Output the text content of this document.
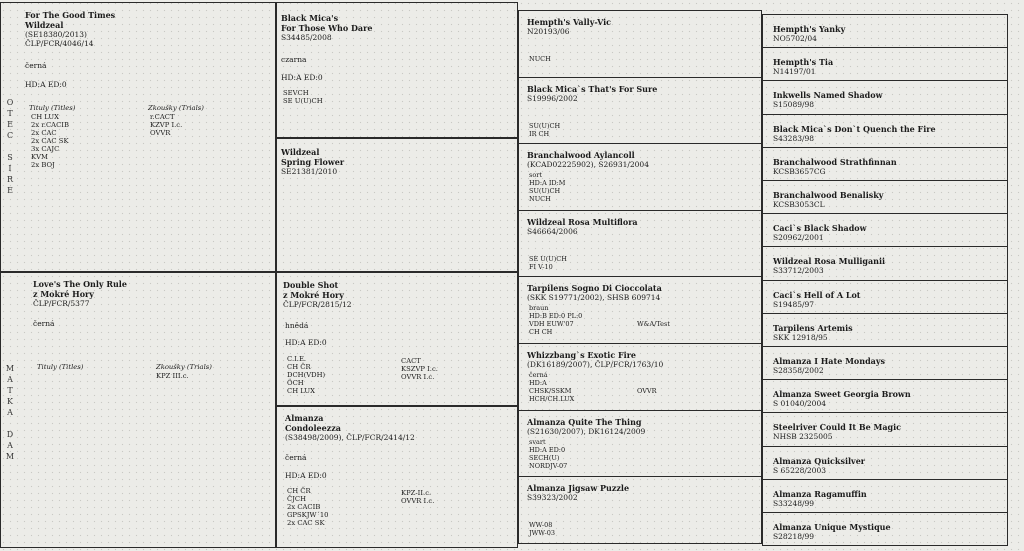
O
T
E
C

S
I
R
E
For The Good Times
Wildzeal
(SE18380/2013)
ČLP/FCR/4046/14
černá
HD:A ED:0
Tituly (Titles)
CH LUX
2x r.CACIB
2x CAC
2x CAC SK
3x CAJC
KVM
2x BOJ
Zkoušky (Trials)
r.CACT
KZVP I.c.
OVVR
M
A
T
K
A

D
A
M
Love's The Only Rule
z Mokré Hory
ČLP/FCR/5377
černá
Tituly (Titles)	Zkoušky (Trials)
KPZ III.c.
Black Mica's
For Those Who Dare
S34485/2008
czarna
HD:A ED:0
SEVCH
SE U(U)CH
Wildzeal
Spring Flower
SE21381/2010
Double Shot
z Mokré Hory
ČLP/FCR/2815/12
hnědá
HD:A ED:0
C.I.E.
CH ČR
DCH(VDH)
ÖCH
CH LUX
CACT
KSZVP I.c.
OVVR I.c.
Almanza
Condoleezza
(S38498/2009), ČLP/FCR/2414/12
černá
HD:A ED:0
CH ČR
ČJCH
2x CACIB
GPSKJW´10
2x CAC SK
KPZ-II.c.
OVVR I.c.
Hempth's Vally-Vic
N20193/06
NUCH
Black Mica`s That's For Sure
S19996/2002
SU(U)CH
IR CH
Branchalwood Aylancoll
(KCAD02225902), S26931/2004
sort
HD:A ID:M
SU(U)CH
NUCH
Wildzeal Rosa Multiflora
S46664/2006
SE U(U)CH
FI V-10
Tarpilens Sogno Di Cioccolata
(SKK S19771/2002), SHSB 609714
braun
HD:B ED:0 PL:0
VDH EUW'07
CH CH
W&A/Test
Whizzbang`s Exotic Fire
(DK16189/2007), ČLP/FCR/1763/10
černá
HD:A
CHSK/SSKM
HCH/CH.LUX
OVVR
Almanza Quite The Thing
(S21630/2007), DK16124/2009
svart
HD:A ED:0
SECH(U)
NORDJV-07
Almanza Jigsaw Puzzle
S39323/2002
WW-08
JWW-03
Hempth's Yanky
NO5702/04
Hempth's Tia
N14197/01
Inkwells Named Shadow
S15089/98
Black Mica`s Don`t Quench the Fire
S43283/98
Branchalwood Strathfinnan
KCSB3657CG
Branchalwood Benalisky
KCSB3053CL
Caci`s Black Shadow
S20962/2001
Wildzeal Rosa Mulliganii
S33712/2003
Caci`s Hell of A Lot
S19485/97
Tarpilens Artemis
SKK 12918/95
Almanza I Hate Mondays
S28358/2002
Almanza Sweet Georgia Brown
S 01040/2004
Steelriver Could It Be Magic
NHSB 2325005
Almanza Quicksilver
S 65228/2003
Almanza Ragamuffin
S33248/99
Almanza Unique Mystique
S28218/99
